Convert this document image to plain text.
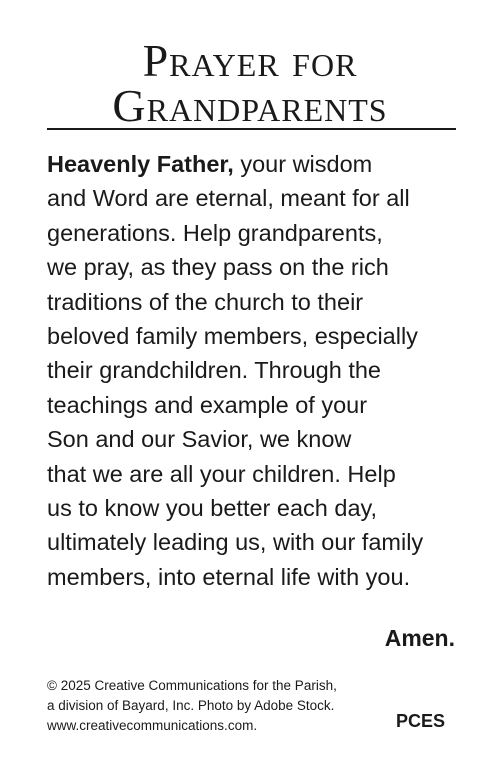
Prayer for
Grandparents
Heavenly Father, your wisdom
and Word are eternal, meant for all
generations. Help grandparents,
we pray, as they pass on the rich
traditions of the church to their
beloved family members, especially
their grandchildren. Through the
teachings and example of your
Son and our Savior, we know
that we are all your children. Help
us to know you better each day,
ultimately leading us, with our family
members, into eternal life with you.
Amen.
© 2025 Creative Communications for the Parish,
a division of Bayard, Inc. Photo by Adobe Stock.
www.creativecommunications.com.	PCES
